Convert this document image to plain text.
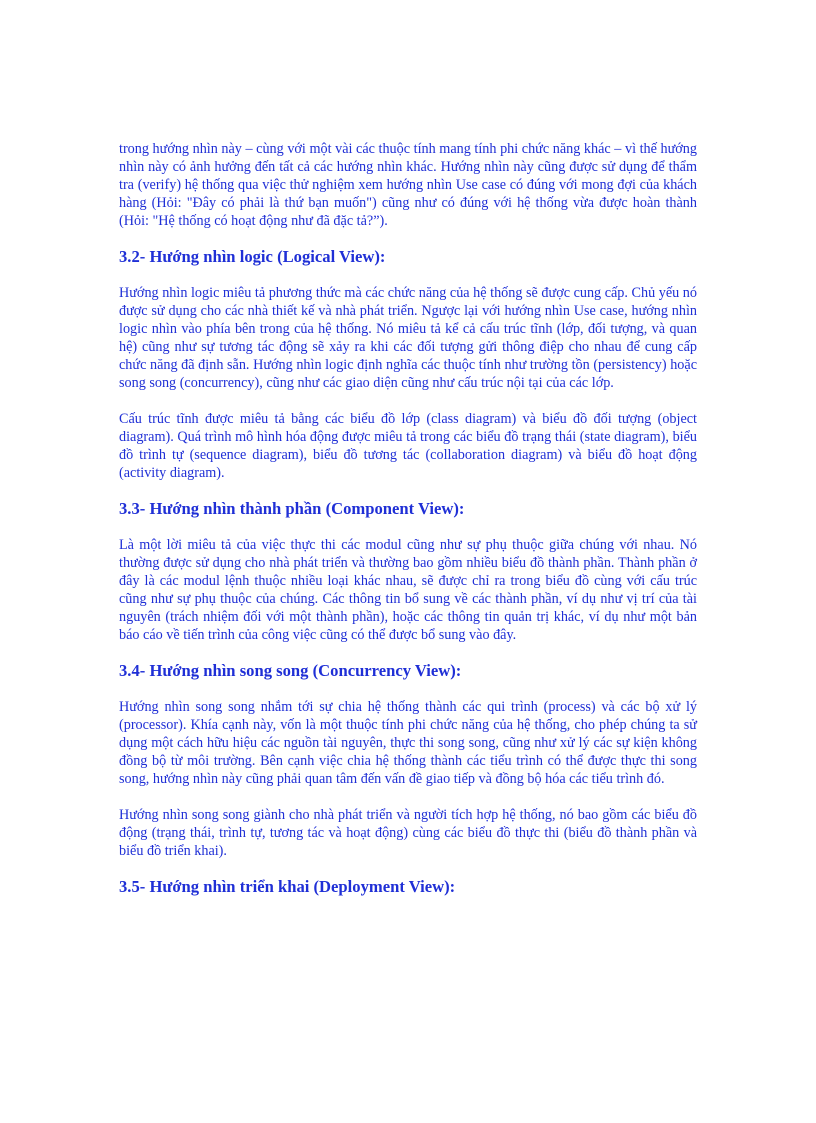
trong hướng nhìn này – cùng với một vài các thuộc tính mang tính phi chức năng khác – vì thế hướng nhìn này có ảnh hưởng đến tất cả các hướng nhìn khác. Hướng nhìn này cũng được sử dụng để thẩm tra (verify) hệ thống qua việc thử nghiệm xem hướng nhìn Use case có đúng với mong đợi của khách hàng (Hỏi: "Đây có phải là thứ bạn muốn") cũng như có đúng với hệ thống vừa được hoàn thành (Hỏi: "Hệ thống có hoạt động như đã đặc tả?”).

3.2- Hướng nhìn logic (Logical View):

Hướng nhìn logic miêu tả phương thức mà các chức năng của hệ thống sẽ được cung cấp. Chủ yếu nó được sử dụng cho các nhà thiết kế và nhà phát triển. Ngược lại với hướng nhìn Use case, hướng nhìn logic nhìn vào phía bên trong của hệ thống. Nó miêu tả kể cả cấu trúc tĩnh (lớp, đối tượng, và quan hệ) cũng như sự tương tác động sẽ xảy ra khi các đối tượng gửi thông điệp cho nhau để cung cấp chức năng đã định sẵn. Hướng nhìn logic định nghĩa các thuộc tính như trường tồn (persistency) hoặc song song (concurrency), cũng như các giao diện cũng như cấu trúc nội tại của các lớp.

Cấu trúc tĩnh được miêu tả bằng các biểu đồ lớp (class diagram) và biểu đồ đối tượng (object diagram). Quá trình mô hình hóa động được miêu tả trong các biểu đồ trạng thái (state diagram), biểu đồ trình tự (sequence diagram), biểu đồ tương tác (collaboration diagram) và biểu đồ hoạt động (activity diagram).

3.3- Hướng nhìn thành phần (Component View):

Là một lời miêu tả của việc thực thi các modul cũng như sự phụ thuộc giữa chúng với nhau. Nó thường được sử dụng cho nhà phát triển và thường bao gồm nhiều biểu đồ thành phần. Thành phần ở đây là các modul lệnh thuộc nhiều loại khác nhau, sẽ được chỉ ra trong biểu đồ cùng với cấu trúc cũng như sự phụ thuộc của chúng. Các thông tin bổ sung về các thành phần, ví dụ như vị trí của tài nguyên (trách nhiệm đối với một thành phần), hoặc các thông tin quản trị khác, ví dụ như một bản báo cáo về tiến trình của công việc cũng có thể được bổ sung vào đây.

3.4- Hướng nhìn song song (Concurrency View):

Hướng nhìn song song nhắm tới sự chia hệ thống thành các qui trình (process) và các bộ xử lý (processor). Khía cạnh này, vốn là một thuộc tính phi chức năng của hệ thống, cho phép chúng ta sử dụng một cách hữu hiệu các nguồn tài nguyên, thực thi song song, cũng như xử lý các sự kiện không đồng bộ từ môi trường. Bên cạnh việc chia hệ thống thành các tiểu trình có thể được thực thi song song, hướng nhìn này cũng phải quan tâm đến vấn đề giao tiếp và đồng bộ hóa các tiểu trình đó.

Hướng nhìn song song giành cho nhà phát triển và người tích hợp hệ thống, nó bao gồm các biểu đồ động (trạng thái, trình tự, tương tác và hoạt động) cùng các biểu đồ thực thi (biểu đồ thành phần và biểu đồ triển khai).

3.5- Hướng nhìn triển khai (Deployment View):
